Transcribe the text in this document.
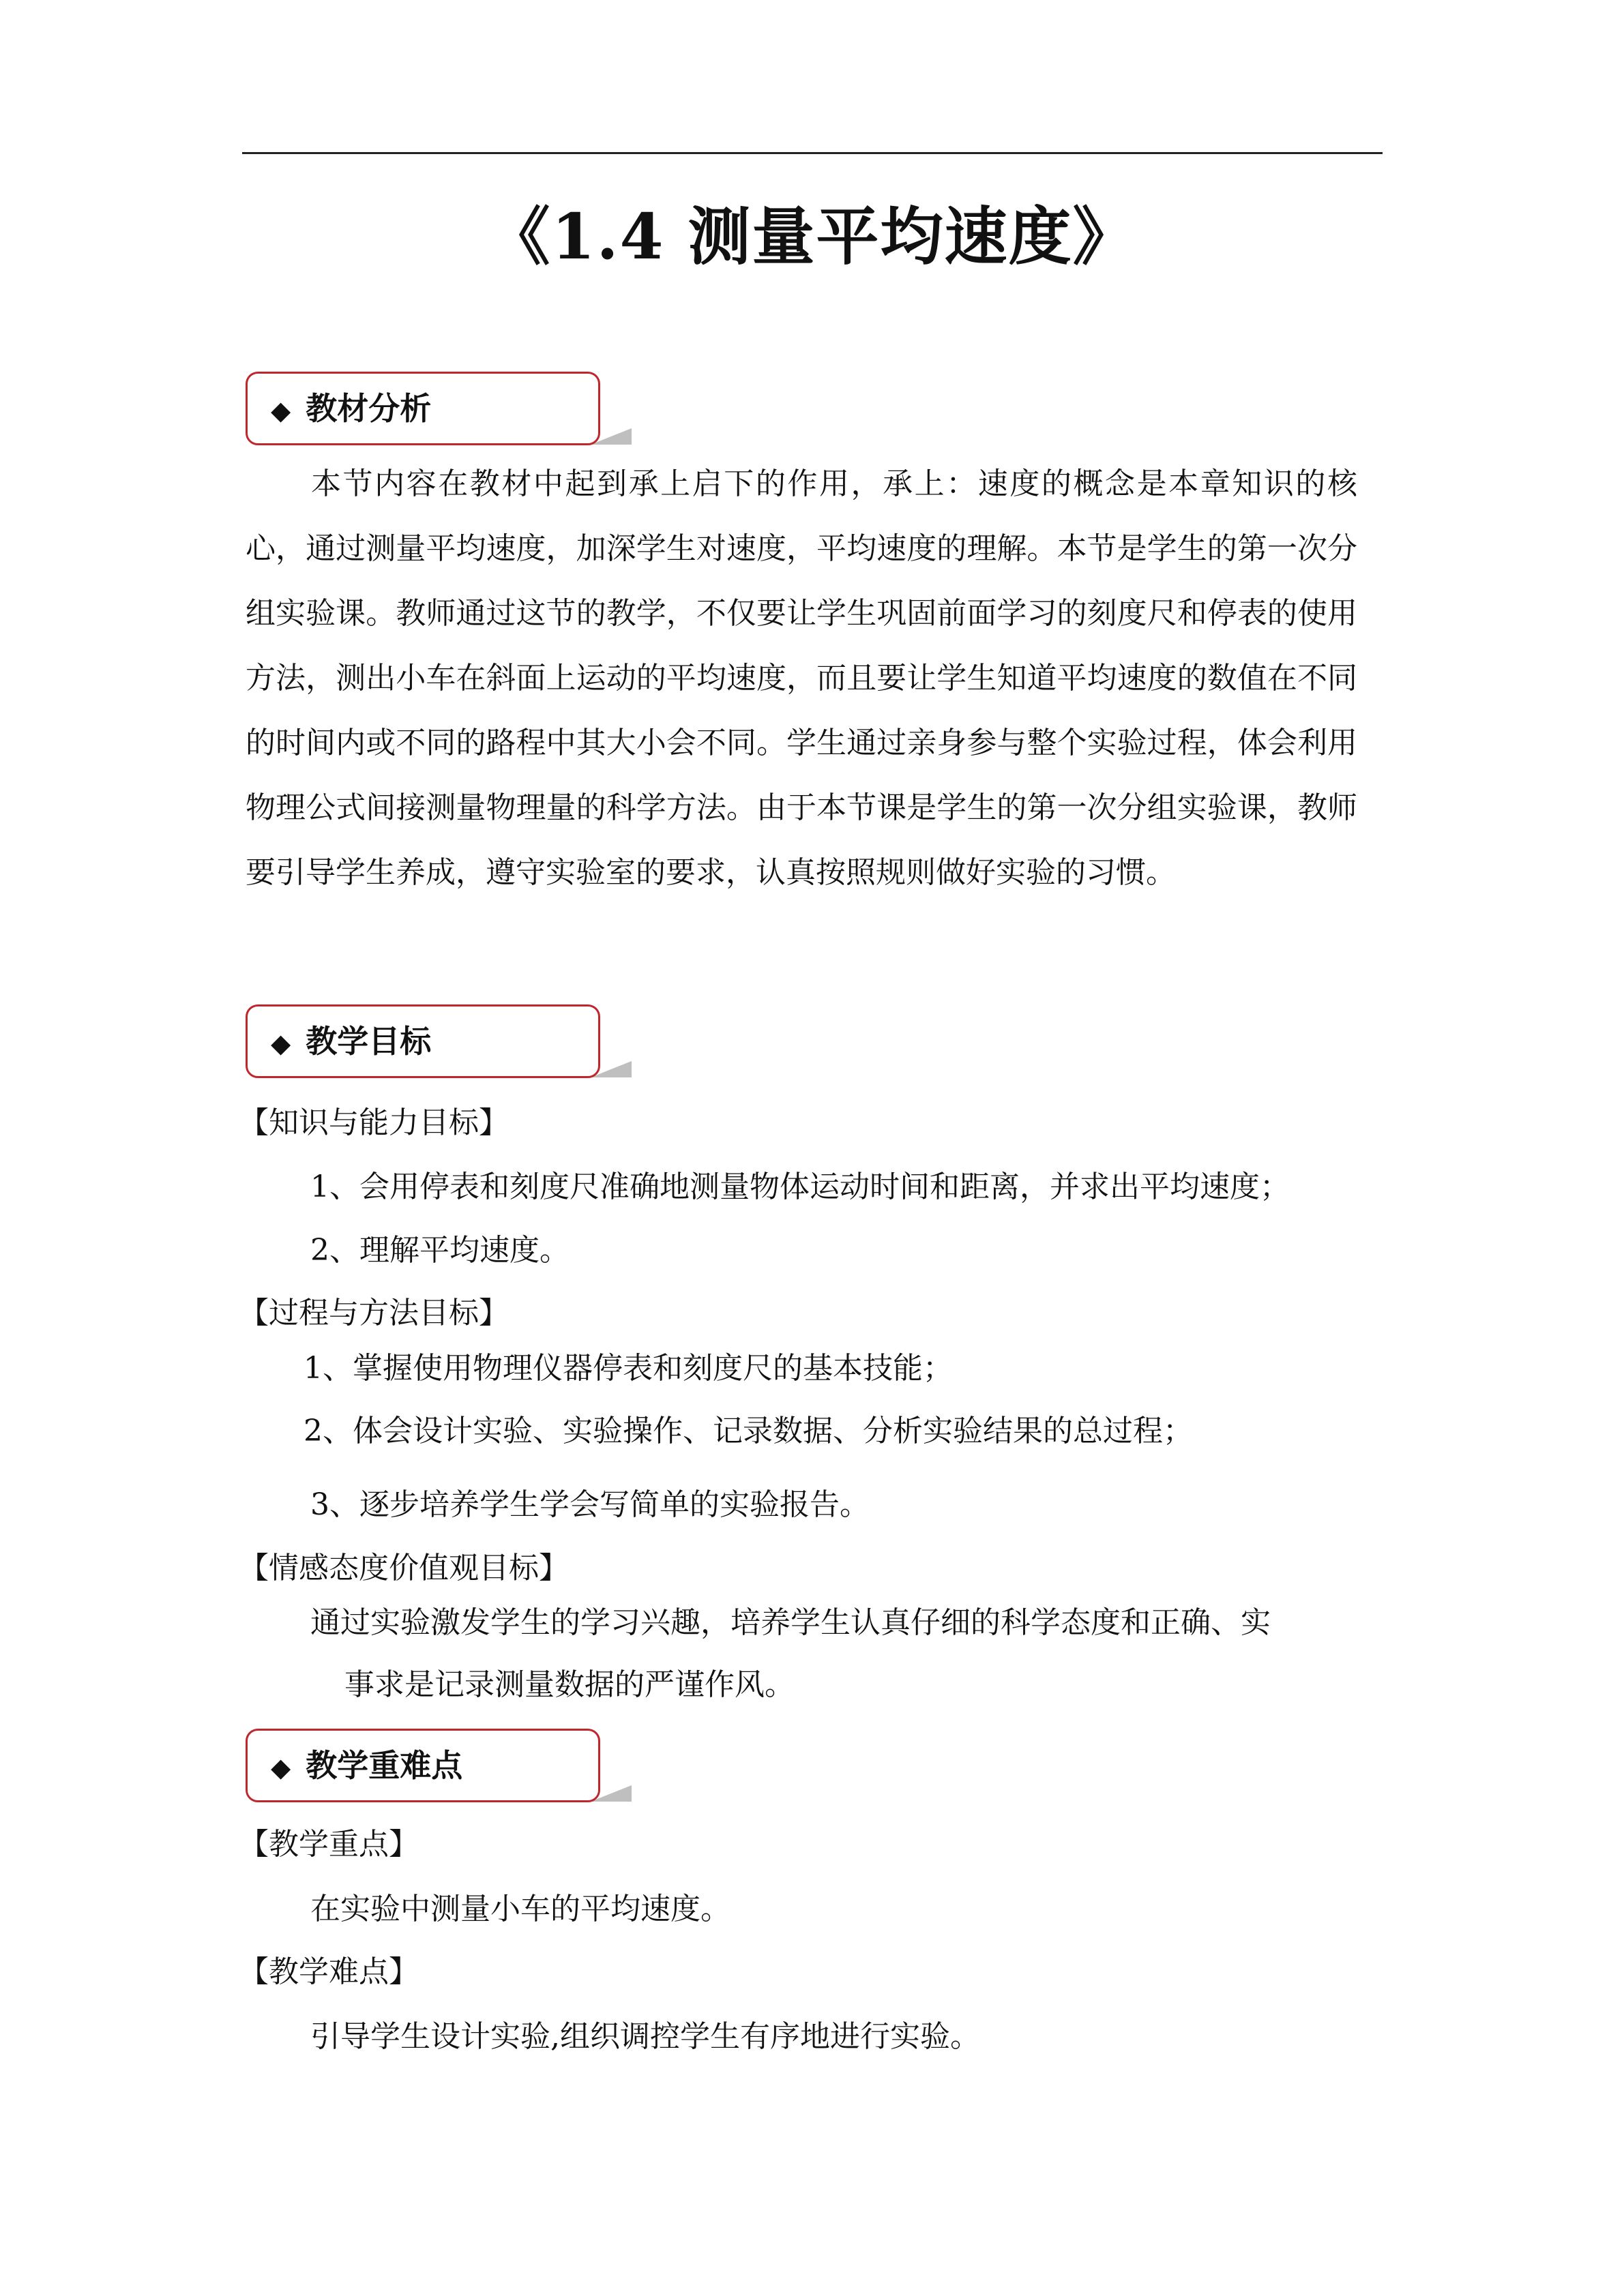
《1.4 测量平均速度》
◆ 教材分析
本节内容在教材中起到承上启下的作用，承上：速度的概念是本章知识的核心，通过测量平均速度，加深学生对速度，平均速度的理解。本节是学生的第一次分组实验课。教师通过这节的教学，不仅要让学生巩固前面学习的刻度尺和停表的使用方法，测出小车在斜面上运动的平均速度，而且要让学生知道平均速度的数值在不同的时间内或不同的路程中其大小会不同。学生通过亲身参与整个实验过程，体会利用物理公式间接测量物理量的科学方法。由于本节课是学生的第一次分组实验课，教师要引导学生养成，遵守实验室的要求，认真按照规则做好实验的习惯。
◆ 教学目标
【知识与能力目标】
1、会用停表和刻度尺准确地测量物体运动时间和距离，并求出平均速度；
2、理解平均速度。
【过程与方法目标】
1、掌握使用物理仪器停表和刻度尺的基本技能；
2、体会设计实验、实验操作、记录数据、分析实验结果的总过程；
3、逐步培养学生学会写简单的实验报告。
【情感态度价值观目标】
通过实验激发学生的学习兴趣，培养学生认真仔细的科学态度和正确、实
事求是记录测量数据的严谨作风。
◆ 教学重难点
【教学重点】
在实验中测量小车的平均速度。
【教学难点】
引导学生设计实验,组织调控学生有序地进行实验。
